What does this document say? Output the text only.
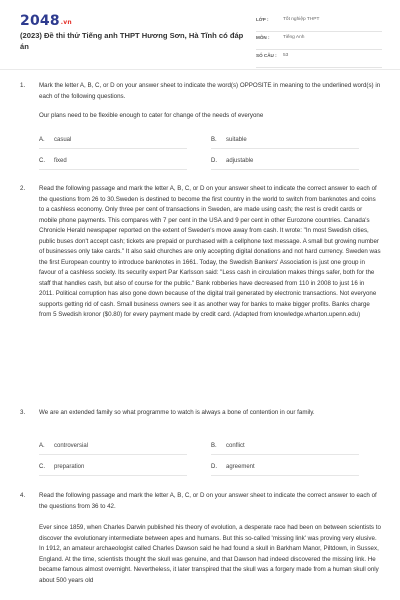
2048.vn
(2023) Đề thi thử Tiếng anh THPT Hương Sơn, Hà Tĩnh có đáp án
LỚP :	Tốt nghiệp THPT
MÔN :	Tiếng Anh
SỐ CÂU : 53
1. Mark the letter A, B, C, or D on your answer sheet to indicate the word(s) OPPOSITE in meaning to the underlined word(s) in each of the following questions.
Our plans need to be flexible enough to cater for change of the needs of everyone
A. casual	B. suitable
C. fixed	D. adjustable
2. Read the following passage and mark the letter A, B, C, or D on your answer sheet to indicate the correct answer to each of the questions from 26 to 30.Sweden is destined to become the first country in the world to switch from banknotes and coins to a cashless economy. Only three per cent of transactions in Sweden, are made using cash; the rest is credit cards or mobile phone payments. This compares with 7 per cent in the USA and 9 per cent in other Eurozone countries. Canada's Chronicle Herald newspaper reported on the extent of Sweden's move away from cash. It wrote: "In most Swedish cities, public buses don't accept cash; tickets are prepaid or purchased with a cellphone text message. A small but growing number of businesses only take cards." It also said churches are only accepting digital donations and not hard currency. Sweden was the first European country to introduce banknotes in 1661. Today, the Swedish Bankers' Association is just one group in favour of a cashless society. Its security expert Par Karlsson said: "Less cash in circulation makes things safer, both for the staff that handles cash, but also of course for the public." Bank robberies have decreased from 110 in 2008 to just 16 in 2011. Political corruption has also gone down because of the digital trail generated by electronic transactions. Not everyone supports getting rid of cash. Small business owners see it as another way for banks to make bigger profits. Banks charge from 5 Swedish kronor ($0.80) for every payment made by credit card. (Adapted from knowledge.wharton.upenn.edu)
3. We are an extended family so what programme to watch is always a bone of contention in our family.
A. controversial	B. conflict
C. preparation	D. agreement
4. Read the following passage and mark the letter A, B, C, or D on your answer sheet to indicate the correct answer to each of the questions from 36 to 42.
Ever since 1859, when Charles Darwin published his theory of evolution, a desperate race had been on between scientists to discover the evolutionary intermediate between apes and humans. But this so-called 'missing link' was proving very elusive. In 1912, an amateur archaeologist called Charles Dawson said he had found a skull in Barkham Manor, Piltdown, in Sussex, England. At the time, scientists thought the skull was genuine, and that Dawson had indeed discovered the missing link. He became famous almost overnight. Nevertheless, it later transpired that the skull was a forgery made from a human skull only about 500 years old
